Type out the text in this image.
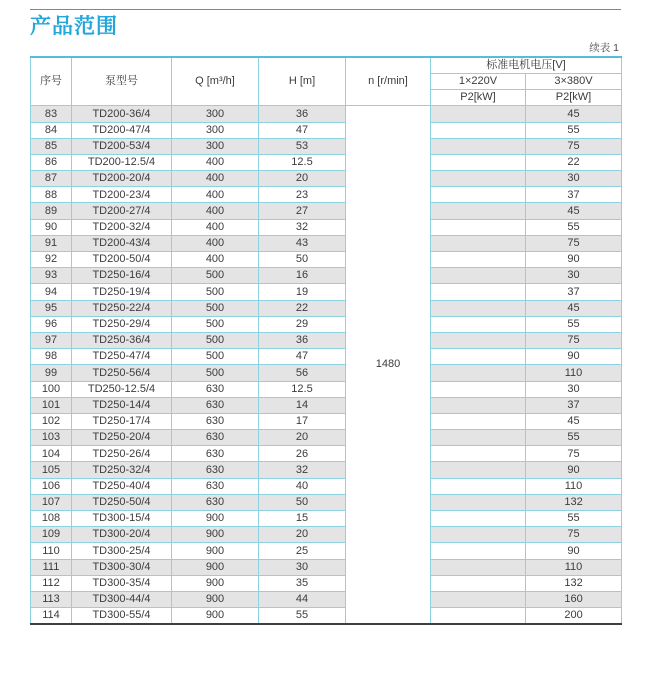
产品范围
续表 1
序号	泵型号	Q [m³/h]	H [m]	n [r/min]	标准电机电压[V]	
					1×220V	3×380V
					P2[kW]	P2[kW]
83	TD200-36/4	300	36	1480		45
84	TD200-47/4	300	47			55
85	TD200-53/4	300	53			75
86	TD200-12.5/4	400	12.5			22
87	TD200-20/4	400	20			30
88	TD200-23/4	400	23			37
89	TD200-27/4	400	27			45
90	TD200-32/4	400	32			55
91	TD200-43/4	400	43			75
92	TD200-50/4	400	50			90
93	TD250-16/4	500	16			30
94	TD250-19/4	500	19			37
95	TD250-22/4	500	22			45
96	TD250-29/4	500	29			55
97	TD250-36/4	500	36			75
98	TD250-47/4	500	47			90
99	TD250-56/4	500	56			110
100	TD250-12.5/4	630	12.5			30
101	TD250-14/4	630	14			37
102	TD250-17/4	630	17			45
103	TD250-20/4	630	20			55
104	TD250-26/4	630	26			75
105	TD250-32/4	630	32			90
106	TD250-40/4	630	40			110
107	TD250-50/4	630	50			132
108	TD300-15/4	900	15			55
109	TD300-20/4	900	20			75
110	TD300-25/4	900	25			90
111	TD300-30/4	900	30			110
112	TD300-35/4	900	35			132
113	TD300-44/4	900	44			160
114	TD300-55/4	900	55			200
